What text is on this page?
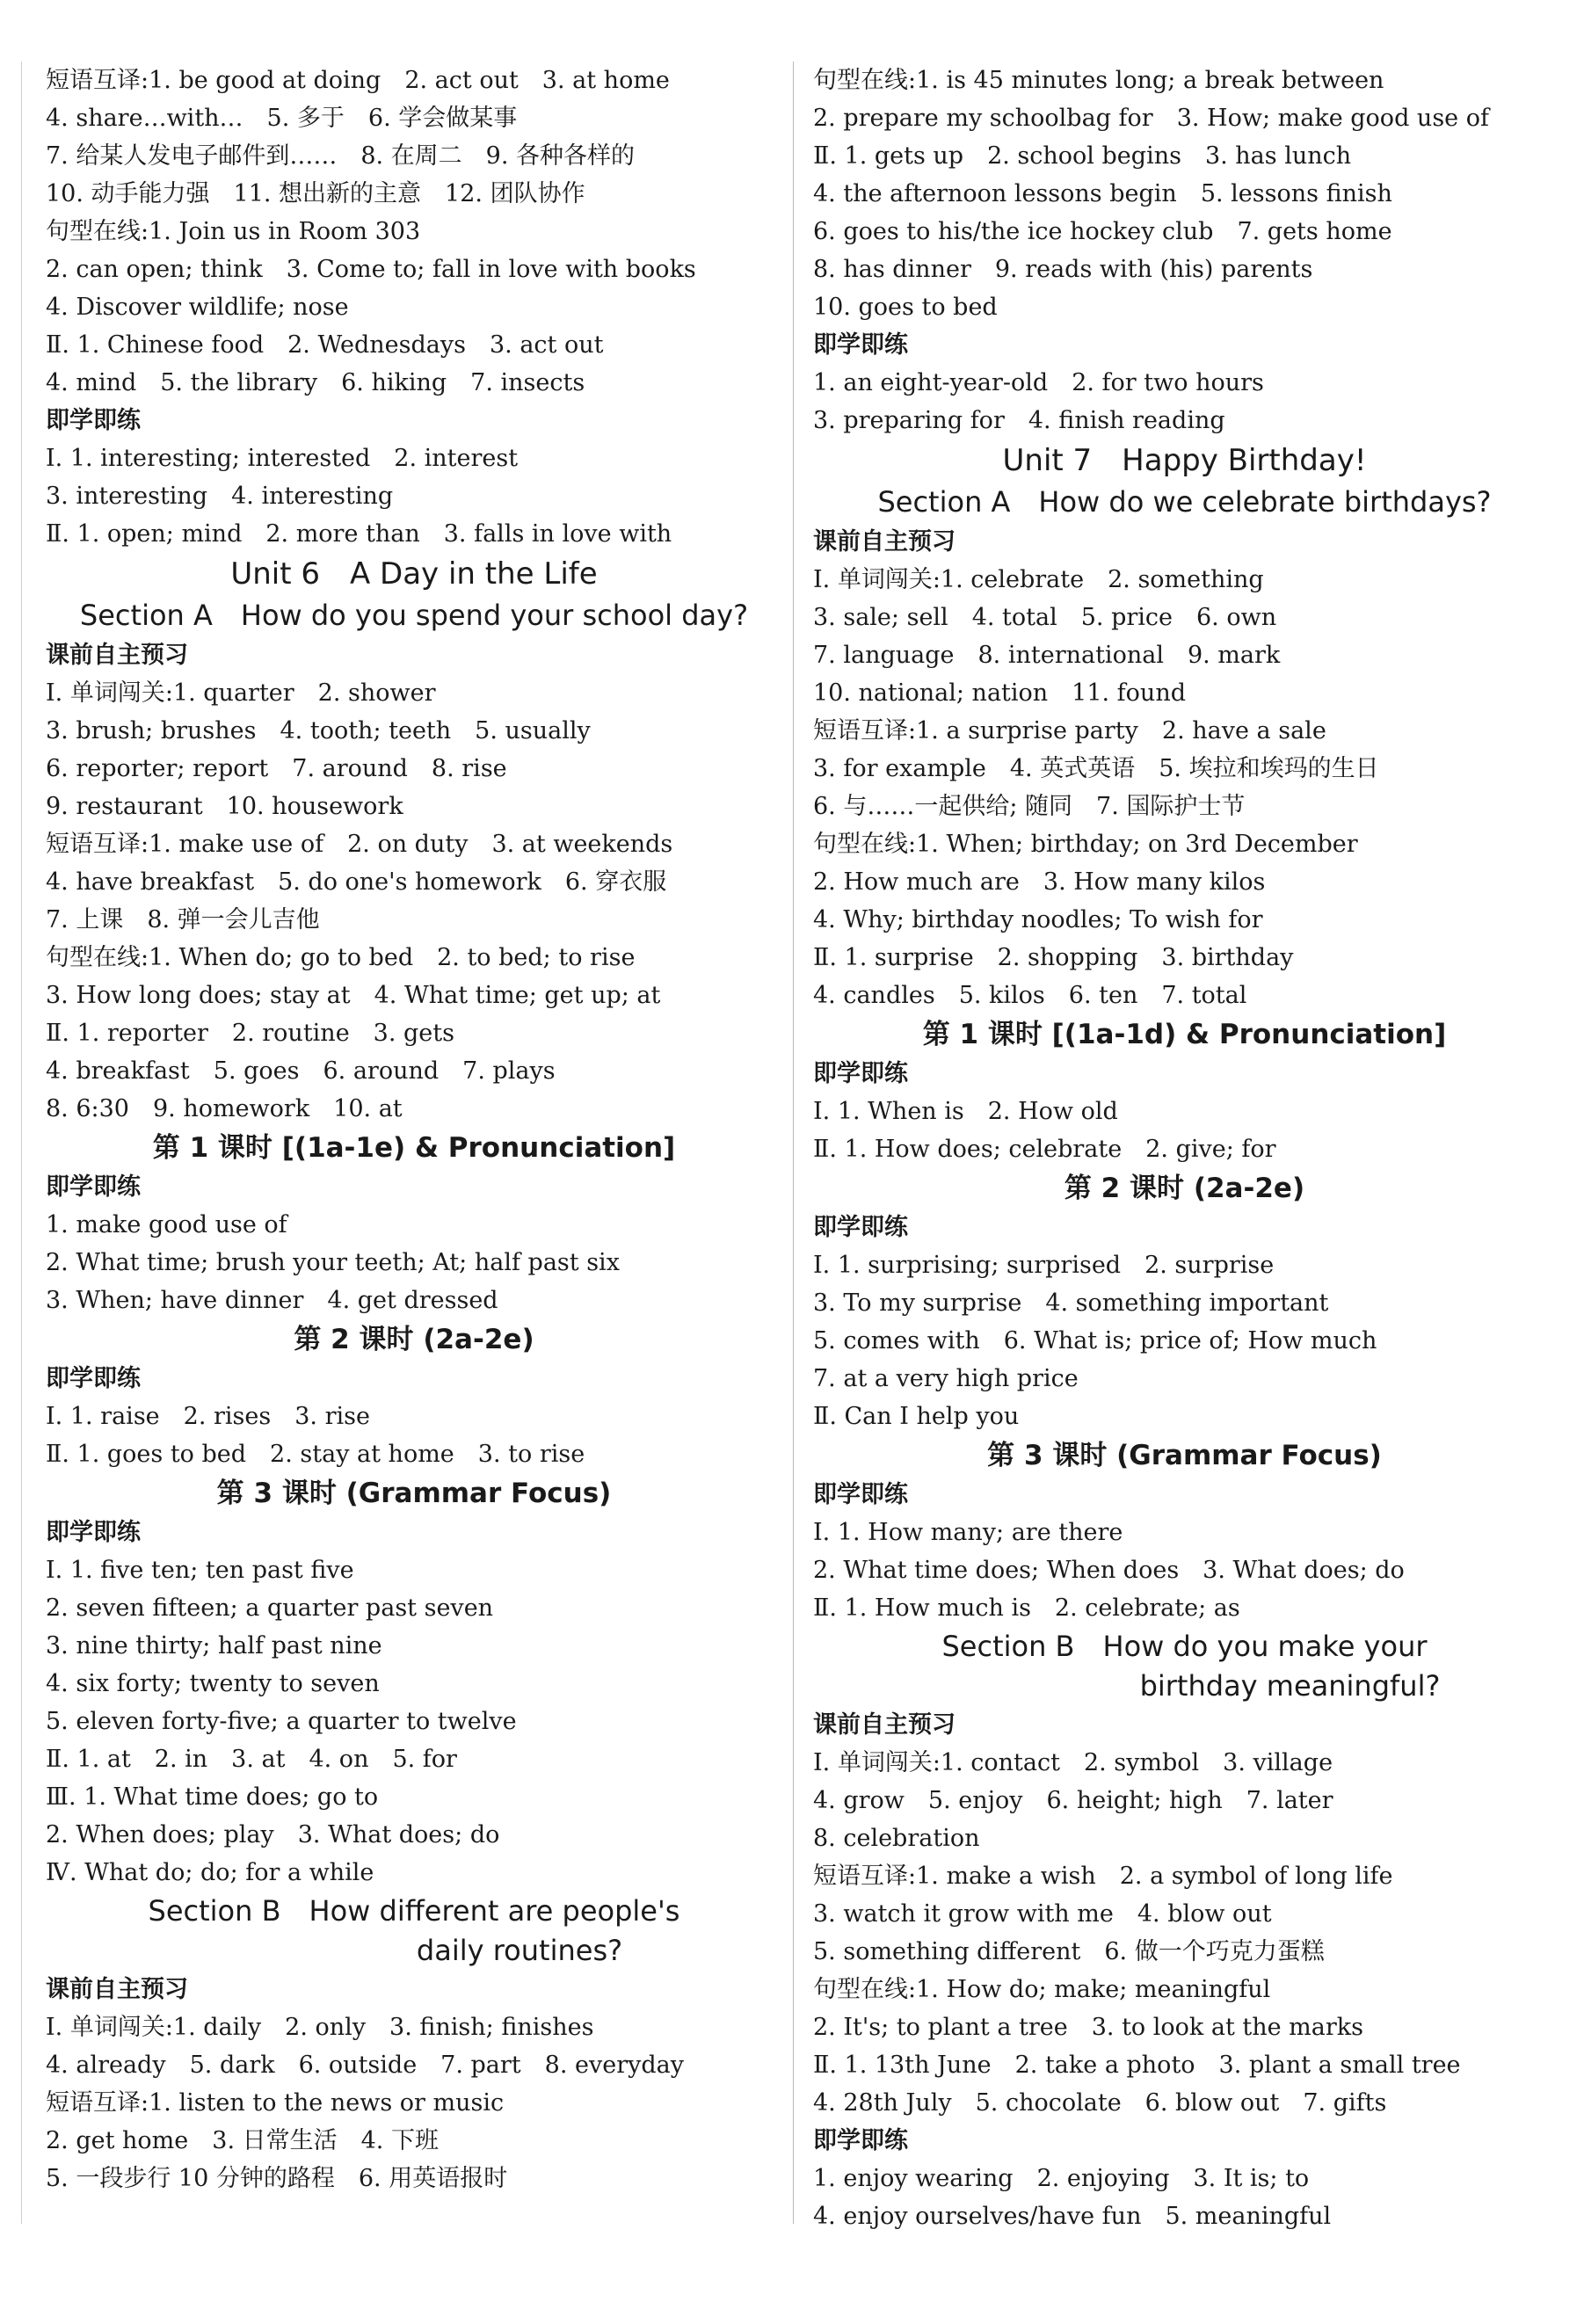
短语互译:1. be good at doing　2. act out　3. at home
4. share…with…　5. 多于　6. 学会做某事
7. 给某人发电子邮件到……　8. 在周二　9. 各种各样的
10. 动手能力强　11. 想出新的主意　12. 团队协作
句型在线:1. Join us in Room 303
2. can open; think　3. Come to; fall in love with books
4. Discover wildlife; nose
Ⅱ. 1. Chinese food　2. Wednesdays　3. act out
4. mind　5. the library　6. hiking　7. insects
即学即练
Ⅰ. 1. interesting; interested　2. interest
3. interesting　4. interesting
Ⅱ. 1. open; mind　2. more than　3. falls in love with
Unit 6　A Day in the Life
Section A　How do you spend your school day?
课前自主预习
Ⅰ. 单词闯关:1. quarter　2. shower
3. brush; brushes　4. tooth; teeth　5. usually
6. reporter; report　7. around　8. rise
9. restaurant　10. housework
短语互译:1. make use of　2. on duty　3. at weekends
4. have breakfast　5. do one's homework　6. 穿衣服
7. 上课　8. 弹一会儿吉他
句型在线:1. When do; go to bed　2. to bed; to rise
3. How long does; stay at　4. What time; get up; at
Ⅱ. 1. reporter　2. routine　3. gets
4. breakfast　5. goes　6. around　7. plays
8. 6:30　9. homework　10. at
第 1 课时 [(1a-1e) & Pronunciation]
即学即练
1. make good use of
2. What time; brush your teeth; At; half past six
3. When; have dinner　4. get dressed
第 2 课时 (2a-2e)
即学即练
Ⅰ. 1. raise　2. rises　3. rise
Ⅱ. 1. goes to bed　2. stay at home　3. to rise
第 3 课时 (Grammar Focus)
即学即练
Ⅰ. 1. five ten; ten past five
2. seven fifteen; a quarter past seven
3. nine thirty; half past nine
4. six forty; twenty to seven
5. eleven forty-five; a quarter to twelve
Ⅱ. 1. at　2. in　3. at　4. on　5. for
Ⅲ. 1. What time does; go to
2. When does; play　3. What does; do
Ⅳ. What do; do; for a while
Section B　How different are people's
daily routines?
课前自主预习
Ⅰ. 单词闯关:1. daily　2. only　3. finish; finishes
4. already　5. dark　6. outside　7. part　8. everyday
短语互译:1. listen to the news or music
2. get home　3. 日常生活　4. 下班
5. 一段步行 10 分钟的路程　6. 用英语报时
句型在线:1. is 45 minutes long; a break between
2. prepare my schoolbag for　3. How; make good use of
Ⅱ. 1. gets up　2. school begins　3. has lunch
4. the afternoon lessons begin　5. lessons finish
6. goes to his/the ice hockey club　7. gets home
8. has dinner　9. reads with (his) parents
10. goes to bed
即学即练
1. an eight-year-old　2. for two hours
3. preparing for　4. finish reading
Unit 7　Happy Birthday!
Section A　How do we celebrate birthdays?
课前自主预习
Ⅰ. 单词闯关:1. celebrate　2. something
3. sale; sell　4. total　5. price　6. own
7. language　8. international　9. mark
10. national; nation　11. found
短语互译:1. a surprise party　2. have a sale
3. for example　4. 英式英语　5. 埃拉和埃玛的生日
6. 与……一起供给; 随同　7. 国际护士节
句型在线:1. When; birthday; on 3rd December
2. How much are　3. How many kilos
4. Why; birthday noodles; To wish for
Ⅱ. 1. surprise　2. shopping　3. birthday
4. candles　5. kilos　6. ten　7. total
第 1 课时 [(1a-1d) & Pronunciation]
即学即练
Ⅰ. 1. When is　2. How old
Ⅱ. 1. How does; celebrate　2. give; for
第 2 课时 (2a-2e)
即学即练
Ⅰ. 1. surprising; surprised　2. surprise
3. To my surprise　4. something important
5. comes with　6. What is; price of; How much
7. at a very high price
Ⅱ. Can I help you
第 3 课时 (Grammar Focus)
即学即练
Ⅰ. 1. How many; are there
2. What time does; When does　3. What does; do
Ⅱ. 1. How much is　2. celebrate; as
Section B　How do you make your
birthday meaningful?
课前自主预习
Ⅰ. 单词闯关:1. contact　2. symbol　3. village
4. grow　5. enjoy　6. height; high　7. later
8. celebration
短语互译:1. make a wish　2. a symbol of long life
3. watch it grow with me　4. blow out
5. something different　6. 做一个巧克力蛋糕
句型在线:1. How do; make; meaningful
2. It's; to plant a tree　3. to look at the marks
Ⅱ. 1. 13th June　2. take a photo　3. plant a small tree
4. 28th July　5. chocolate　6. blow out　7. gifts
即学即练
1. enjoy wearing　2. enjoying　3. It is; to
4. enjoy ourselves/have fun　5. meaningful
